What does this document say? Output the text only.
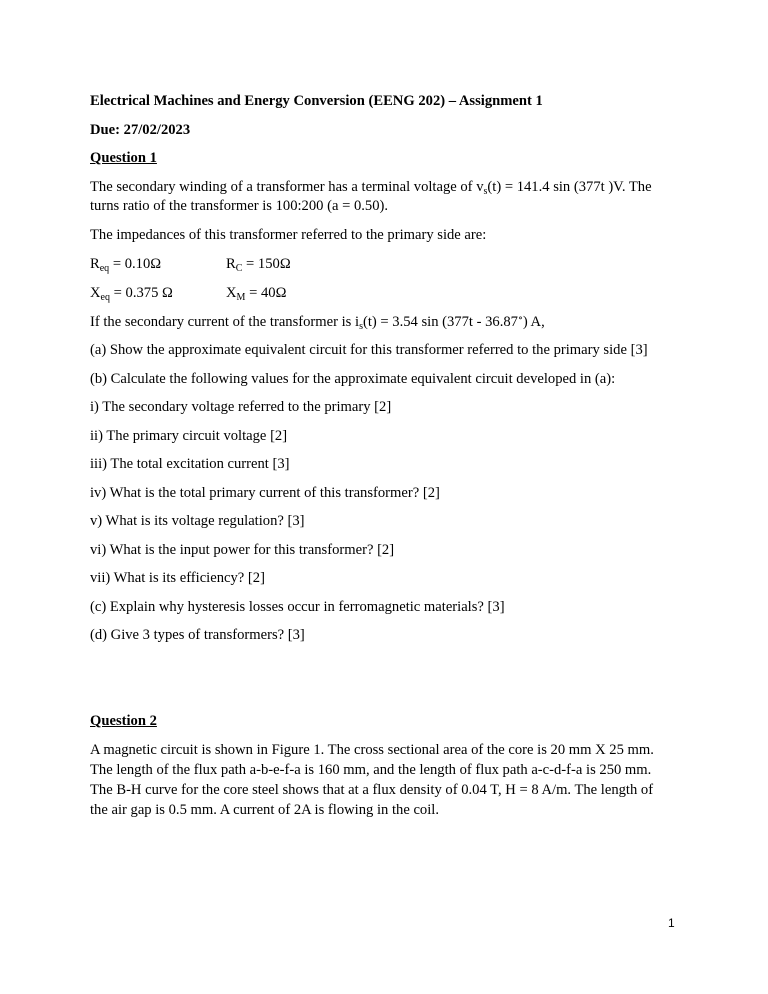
Electrical Machines and Energy Conversion (EENG 202) – Assignment 1
Due: 27/02/2023
Question 1
The secondary winding of a transformer has a terminal voltage of $v_s(t) = 141.4$ sin (377t )V. The
turns ratio of the transformer is 100:200 (a = 0.50).
The impedances of this transformer referred to the primary side are:
$R_{eq} = 0.10\Omega$	$R_C = 150\Omega$
$X_{eq} = 0.375$ Ω	$X_M = 40\Omega$
If the secondary current of the transformer is $i_s(t) = 3.54$ sin (377t - 36.87∘) A,
(a) Show the approximate equivalent circuit for this transformer referred to the primary side [3]
(b) Calculate the following values for the approximate equivalent circuit developed in (a):
i) The secondary voltage referred to the primary [2]
ii) The primary circuit voltage [2]
iii) The total excitation current [3]
iv) What is the total primary current of this transformer? [2]
v) What is its voltage regulation? [3]
vi) What is the input power for this transformer? [2]
vii) What is its efficiency? [2]
(c) Explain why hysteresis losses occur in ferromagnetic materials? [3]
(d) Give 3 types of transformers? [3]
Question 2
A magnetic circuit is shown in Figure 1. The cross sectional area of the core is 20 mm X 25 mm.
The length of the flux path a-b-e-f-a is 160 mm, and the length of flux path a-c-d-f-a is 250 mm.
The B-H curve for the core steel shows that at a flux density of 0.04 T, H = 8 A/m. The length of
the air gap is 0.5 mm. A current of 2A is flowing in the coil.
1
